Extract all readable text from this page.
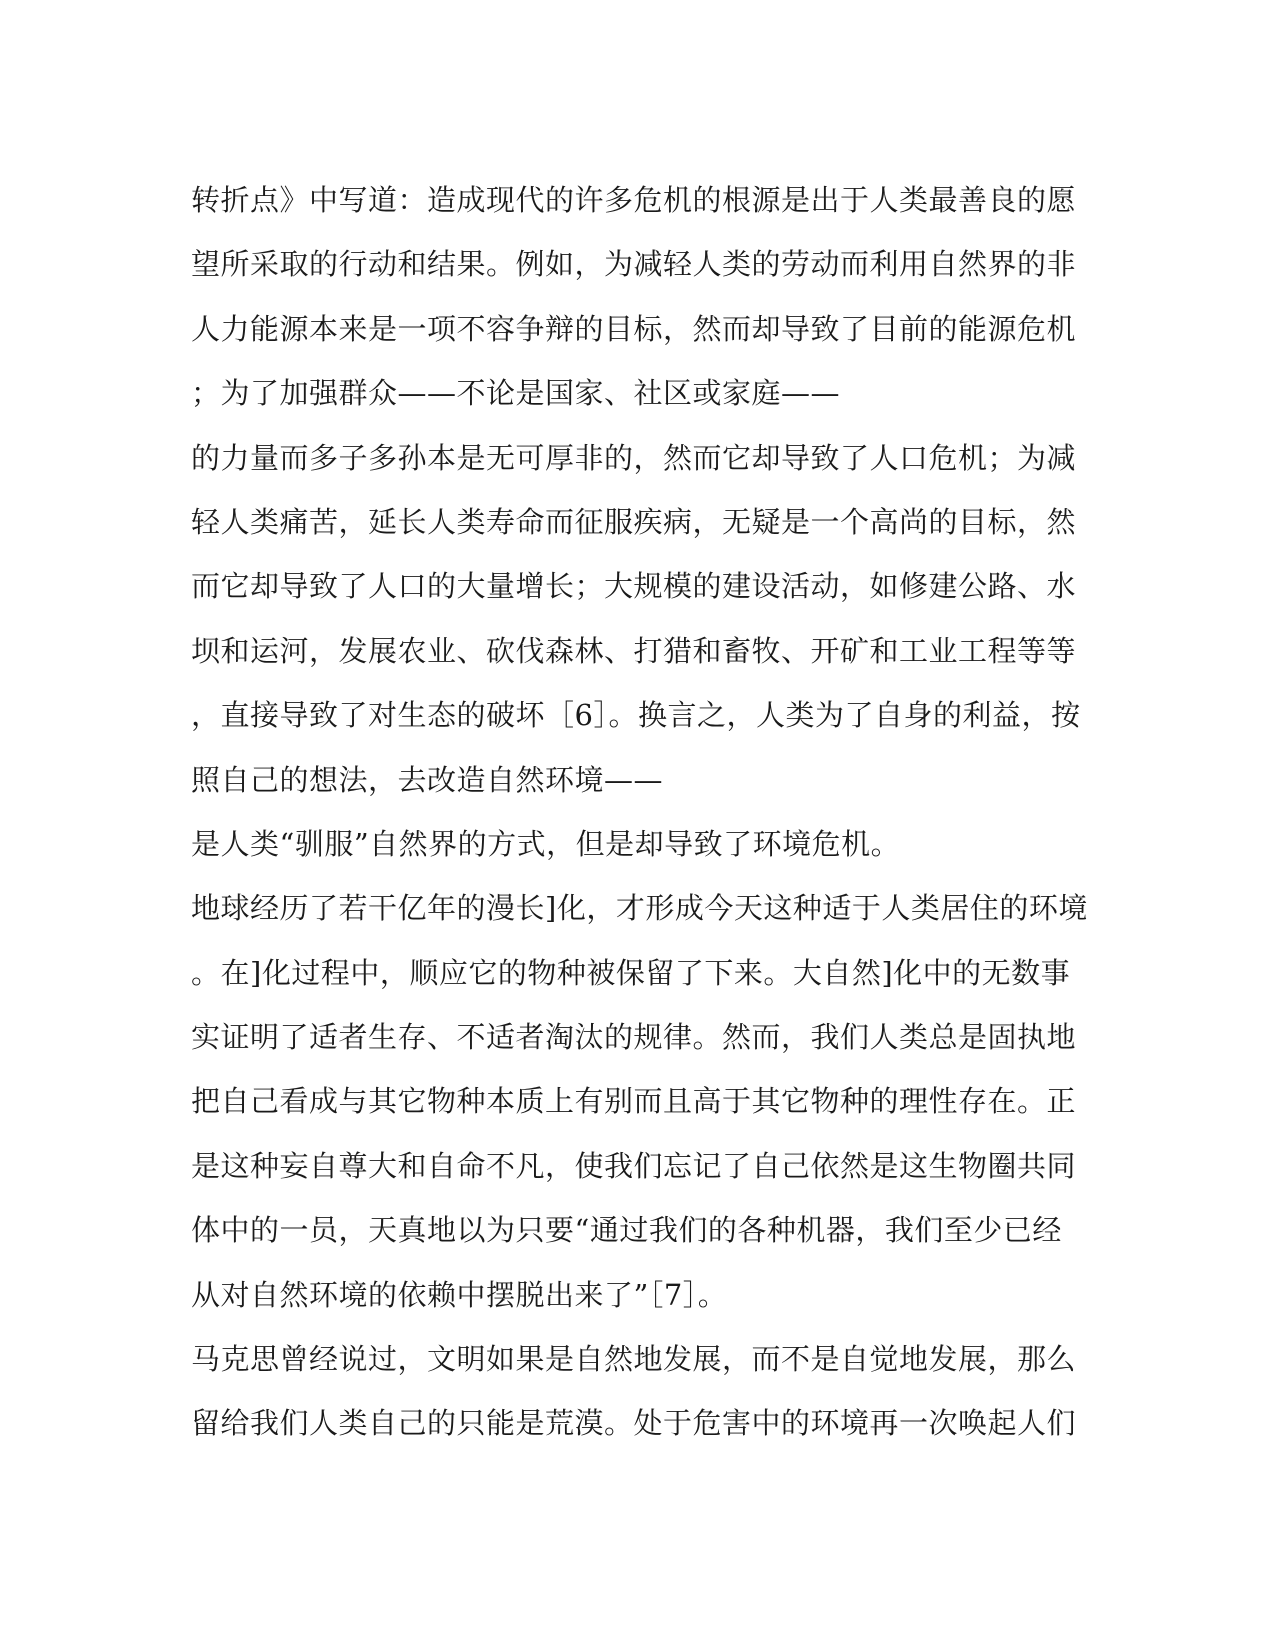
转折点》中写道：造成现代的许多危机的根源是出于人类最善良的愿
望所采取的行动和结果。例如，为减轻人类的劳动而利用自然界的非
人力能源本来是一项不容争辩的目标，然而却导致了目前的能源危机
；为了加强群众——不论是国家、社区或家庭——
的力量而多子多孙本是无可厚非的，然而它却导致了人口危机；为减
轻人类痛苦，延长人类寿命而征服疾病，无疑是一个高尚的目标，然
而它却导致了人口的大量增长；大规模的建设活动，如修建公路、水
坝和运河，发展农业、砍伐森林、打猎和畜牧、开矿和工业工程等等
，直接导致了对生态的破坏［6］。换言之，人类为了自身的利益，按
照自己的想法，去改造自然环境——
是人类“驯服”自然界的方式，但是却导致了环境危机。
地球经历了若干亿年的漫长]化，才形成今天这种适于人类居住的环境
。在]化过程中，顺应它的物种被保留了下来。大自然]化中的无数事
实证明了适者生存、不适者淘汰的规律。然而，我们人类总是固执地
把自己看成与其它物种本质上有别而且高于其它物种的理性存在。正
是这种妄自尊大和自命不凡，使我们忘记了自己依然是这生物圈共同
体中的一员，天真地以为只要“通过我们的各种机器，我们至少已经
从对自然环境的依赖中摆脱出来了”［7］。
马克思曾经说过，文明如果是自然地发展，而不是自觉地发展，那么
留给我们人类自己的只能是荒漠。处于危害中的环境再一次唤起人们
